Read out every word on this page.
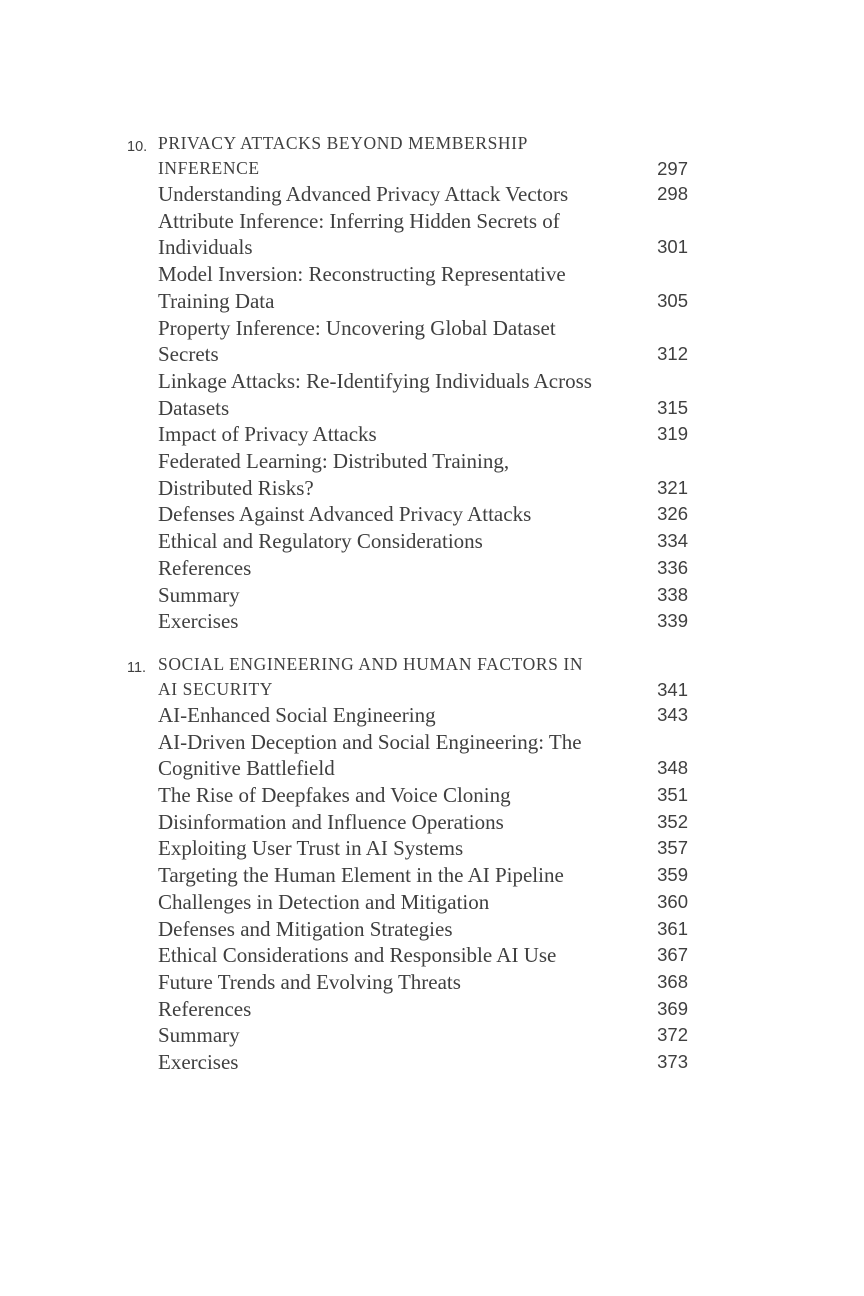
10. PRIVACY ATTACKS BEYOND MEMBERSHIP
INFERENCE	297
Understanding Advanced Privacy Attack Vectors	298
Attribute Inference: Inferring Hidden Secrets of
Individuals	301
Model Inversion: Reconstructing Representative
Training Data	305
Property Inference: Uncovering Global Dataset
Secrets	312
Linkage Attacks: Re-Identifying Individuals Across
Datasets	315
Impact of Privacy Attacks	319
Federated Learning: Distributed Training,
Distributed Risks?	321
Defenses Against Advanced Privacy Attacks	326
Ethical and Regulatory Considerations	334
References	336
Summary	338
Exercises	339
11. SOCIAL ENGINEERING AND HUMAN FACTORS IN
AI SECURITY	341
AI-Enhanced Social Engineering	343
AI-Driven Deception and Social Engineering: The
Cognitive Battlefield	348
The Rise of Deepfakes and Voice Cloning	351
Disinformation and Influence Operations	352
Exploiting User Trust in AI Systems	357
Targeting the Human Element in the AI Pipeline	359
Challenges in Detection and Mitigation	360
Defenses and Mitigation Strategies	361
Ethical Considerations and Responsible AI Use	367
Future Trends and Evolving Threats	368
References	369
Summary	372
Exercises	373
